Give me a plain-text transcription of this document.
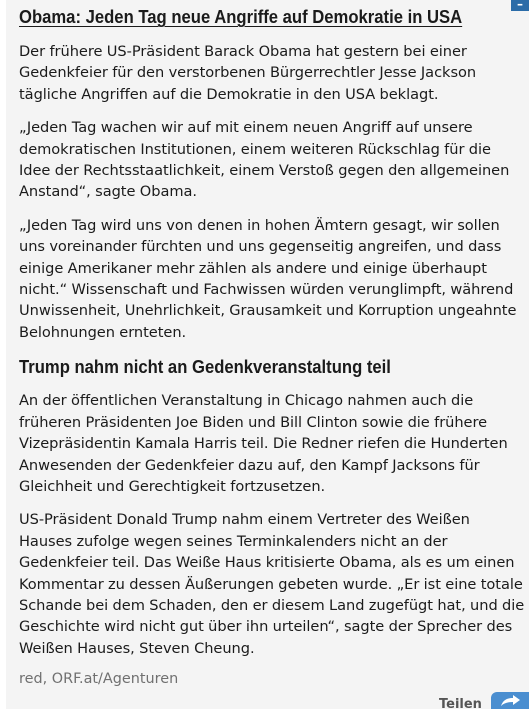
Obama: Jeden Tag neue Angriffe auf Demokratie in USA

Der frühere US-Präsident Barack Obama hat gestern bei einer Gedenkfeier für den verstorbenen Bürgerrechtler Jesse Jackson tägliche Angriffen auf die Demokratie in den USA beklagt.

„Jeden Tag wachen wir auf mit einem neuen Angriff auf unsere demokratischen Institutionen, einem weiteren Rückschlag für die Idee der Rechtsstaatlichkeit, einem Verstoß gegen den allgemeinen Anstand“, sagte Obama.

„Jeden Tag wird uns von denen in hohen Ämtern gesagt, wir sollen uns voreinander fürchten und uns gegenseitig angreifen, und dass einige Amerikaner mehr zählen als andere und einige überhaupt nicht.“ Wissenschaft und Fachwissen würden verunglimpft, während Unwissenheit, Unehrlichkeit, Grausamkeit und Korruption ungeahnte Belohnungen ernteten.

Trump nahm nicht an Gedenkveranstaltung teil

An der öffentlichen Veranstaltung in Chicago nahmen auch die früheren Präsidenten Joe Biden und Bill Clinton sowie die frühere Vizepräsidentin Kamala Harris teil. Die Redner riefen die Hunderten Anwesenden der Gedenkfeier dazu auf, den Kampf Jacksons für Gleichheit und Gerechtigkeit fortzusetzen.

US-Präsident Donald Trump nahm einem Vertreter des Weißen Hauses zufolge wegen seines Terminkalenders nicht an der Gedenkfeier teil. Das Weiße Haus kritisierte Obama, als es um einen Kommentar zu dessen Äußerungen gebeten wurde. „Er ist eine totale Schande bei dem Schaden, den er diesem Land zugefügt hat, und die Geschichte wird nicht gut über ihn urteilen“, sagte der Sprecher des Weißen Hauses, Steven Cheung.

red, ORF.at/Agenturen
–
Teilen
